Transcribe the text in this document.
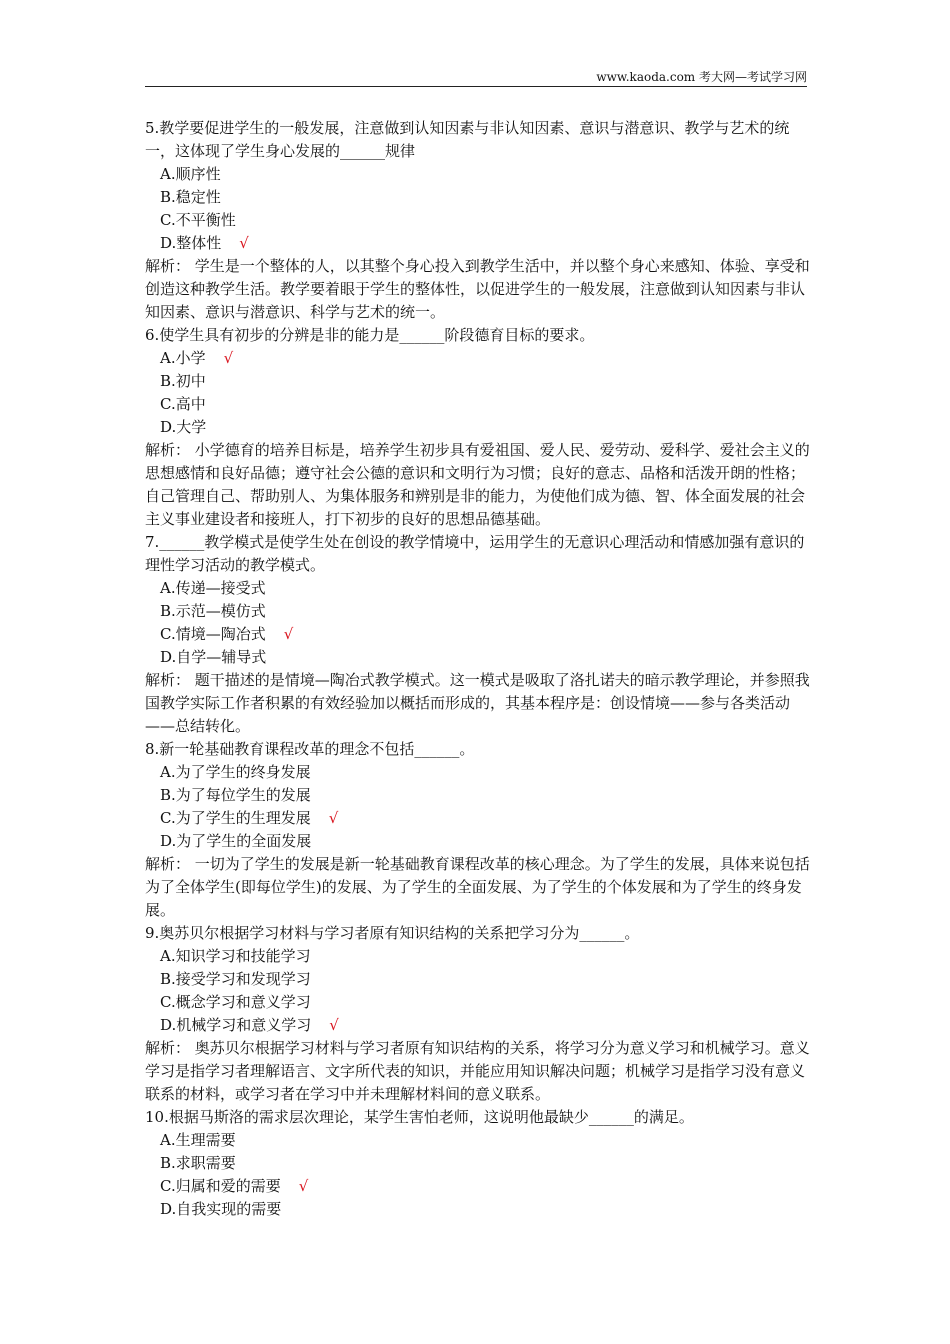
www.kaoda.com 考大网—考试学习网

5.教学要促进学生的一般发展，注意做到认知因素与非认知因素、意识与潜意识、教学与艺术的统一，这体现了学生身心发展的______规律

A.顺序性

B.稳定性

C.不平衡性

D.整体性 √

解析： 学生是一个整体的人，以其整个身心投入到教学生活中，并以整个身心来感知、体验、享受和创造这种教学生活。教学要着眼于学生的整体性，以促进学生的一般发展，注意做到认知因素与非认知因素、意识与潜意识、科学与艺术的统一。

6.使学生具有初步的分辨是非的能力是______阶段德育目标的要求。

A.小学 √

B.初中

C.高中

D.大学

解析： 小学德育的培养目标是，培养学生初步具有爱祖国、爱人民、爱劳动、爱科学、爱社会主义的思想感情和良好品德；遵守社会公德的意识和文明行为习惯；良好的意志、品格和活泼开朗的性格；自己管理自己、帮助别人、为集体服务和辨别是非的能力，为使他们成为德、智、体全面发展的社会主义事业建设者和接班人，打下初步的良好的思想品德基础。

7.______教学模式是使学生处在创设的教学情境中，运用学生的无意识心理活动和情感加强有意识的理性学习活动的教学模式。

A.传递—接受式

B.示范—模仿式

C.情境—陶冶式 √

D.自学—辅导式

解析： 题干描述的是情境—陶冶式教学模式。这一模式是吸取了洛扎诺夫的暗示教学理论，并参照我国教学实际工作者积累的有效经验加以概括而形成的，其基本程序是：创设情境——参与各类活动——总结转化。

8.新一轮基础教育课程改革的理念不包括______。

A.为了学生的终身发展

B.为了每位学生的发展

C.为了学生的生理发展 √

D.为了学生的全面发展

解析： 一切为了学生的发展是新一轮基础教育课程改革的核心理念。为了学生的发展，具体来说包括为了全体学生(即每位学生)的发展、为了学生的全面发展、为了学生的个体发展和为了学生的终身发展。

9.奥苏贝尔根据学习材料与学习者原有知识结构的关系把学习分为______。

A.知识学习和技能学习

B.接受学习和发现学习

C.概念学习和意义学习

D.机械学习和意义学习 √

解析： 奥苏贝尔根据学习材料与学习者原有知识结构的关系，将学习分为意义学习和机械学习。意义学习是指学习者理解语言、文字所代表的知识，并能应用知识解决问题；机械学习是指学习没有意义联系的材料，或学习者在学习中并未理解材料间的意义联系。

10.根据马斯洛的需求层次理论，某学生害怕老师，这说明他最缺少______的满足。

A.生理需要

B.求职需要

C.归属和爱的需要 √

D.自我实现的需要
